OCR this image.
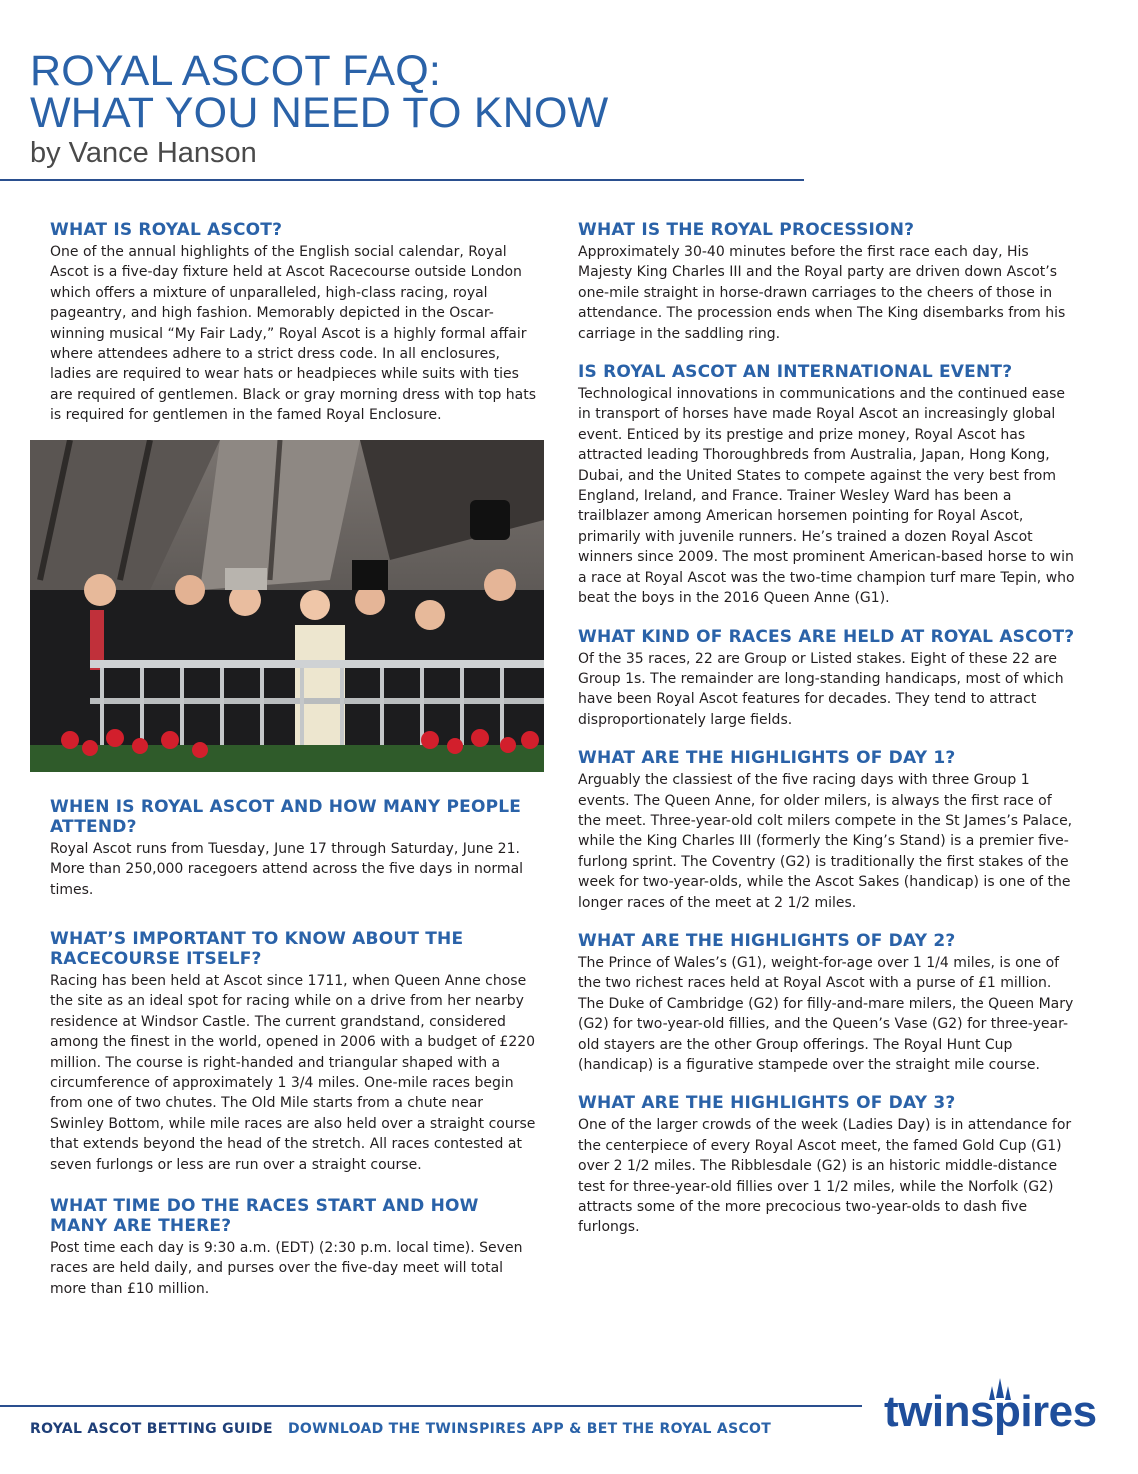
ROYAL ASCOT FAQ:
WHAT YOU NEED TO KNOW
by Vance Hanson
WHAT IS ROYAL ASCOT?

One of the annual highlights of the English social calendar, Royal Ascot is a five-day fixture held at Ascot Racecourse outside London which offers a mixture of unparalleled, high-class racing, royal pageantry, and high fashion. Memorably depicted in the Oscar-winning musical “My Fair Lady,” Royal Ascot is a highly formal affair where attendees adhere to a strict dress code. In all enclosures, ladies are required to wear hats or headpieces while suits with ties are required of gentlemen. Black or gray morning dress with top hats is required for gentlemen in the famed Royal Enclosure.

WHEN IS ROYAL ASCOT AND HOW MANY PEOPLE ATTEND?

Royal Ascot runs from Tuesday, June 17 through Saturday, June 21. More than 250,000 racegoers attend across the five days in normal times.

WHAT’S IMPORTANT TO KNOW ABOUT THE RACECOURSE ITSELF?

Racing has been held at Ascot since 1711, when Queen Anne chose the site as an ideal spot for racing while on a drive from her nearby residence at Windsor Castle. The current grandstand, considered among the finest in the world, opened in 2006 with a budget of £220 million. The course is right-handed and triangular shaped with a circumference of approximately 1 3/4 miles. One-mile races begin from one of two chutes. The Old Mile starts from a chute near Swinley Bottom, while mile races are also held over a straight course that extends beyond the head of the stretch. All races contested at seven furlongs or less are run over a straight course.

WHAT TIME DO THE RACES START AND HOW MANY ARE THERE?

Post time each day is 9:30 a.m. (EDT) (2:30 p.m. local time). Seven races are held daily, and purses over the five-day meet will total more than £10 million.

WHAT IS THE ROYAL PROCESSION?

Approximately 30-40 minutes before the first race each day, His Majesty King Charles III and the Royal party are driven down Ascot’s one-mile straight in horse-drawn carriages to the cheers of those in attendance. The procession ends when The King disembarks from his carriage in the saddling ring.

IS ROYAL ASCOT AN INTERNATIONAL EVENT?

Technological innovations in communications and the continued ease in transport of horses have made Royal Ascot an increasingly global event. Enticed by its prestige and prize money, Royal Ascot has attracted leading Thoroughbreds from Australia, Japan, Hong Kong, Dubai, and the United States to compete against the very best from England, Ireland, and France. Trainer Wesley Ward has been a trailblazer among American horsemen pointing for Royal Ascot, primarily with juvenile runners. He’s trained a dozen Royal Ascot winners since 2009. The most prominent American-based horse to win a race at Royal Ascot was the two-time champion turf mare Tepin, who beat the boys in the 2016 Queen Anne (G1).

WHAT KIND OF RACES ARE HELD AT ROYAL ASCOT?

Of the 35 races, 22 are Group or Listed stakes. Eight of these 22 are Group 1s. The remainder are long-standing handicaps, most of which have been Royal Ascot features for decades. They tend to attract disproportionately large fields.

WHAT ARE THE HIGHLIGHTS OF DAY 1?

Arguably the classiest of the five racing days with three Group 1 events. The Queen Anne, for older milers, is always the first race of the meet. Three-year-old colt milers compete in the St James’s Palace, while the King Charles III (formerly the King’s Stand) is a premier five-furlong sprint. The Coventry (G2) is traditionally the first stakes of the week for two-year-olds, while the Ascot Sakes (handicap) is one of the longer races of the meet at 2 1/2 miles.

WHAT ARE THE HIGHLIGHTS OF DAY 2?

The Prince of Wales’s (G1), weight-for-age over 1 1/4 miles, is one of the two richest races held at Royal Ascot with a purse of £1 million. The Duke of Cambridge (G2) for filly-and-mare milers, the Queen Mary (G2) for two-year-old fillies, and the Queen’s Vase (G2) for three-year-old stayers are the other Group offerings. The Royal Hunt Cup (handicap) is a figurative stampede over the straight mile course.

WHAT ARE THE HIGHLIGHTS OF DAY 3?

One of the larger crowds of the week (Ladies Day) is in attendance for the centerpiece of every Royal Ascot meet, the famed Gold Cup (G1) over 2 1/2 miles. The Ribblesdale (G2) is an historic middle-distance test for three-year-old fillies over 1 1/2 miles, while the Norfolk (G2) attracts some of the more precocious two-year-olds to dash five furlongs.

twinspires
ROYAL ASCOT BETTING GUIDE DOWNLOAD THE TWINSPIRES APP & BET THE ROYAL ASCOT
